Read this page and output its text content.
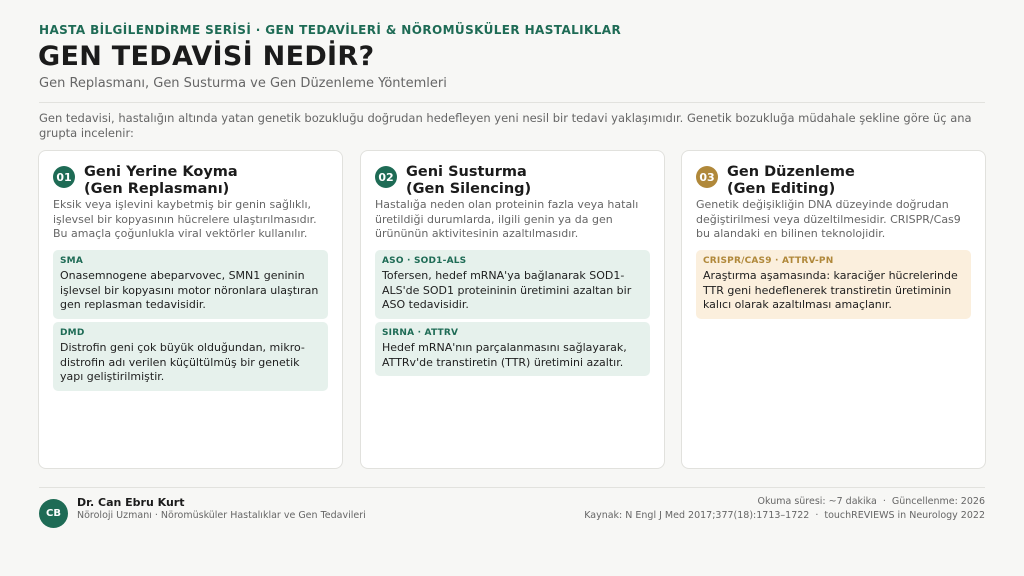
HASTA BİLGİLENDİRME SERİSİ · GEN TEDAVİLERİ & NÖROMÜSKÜLER HASTALIKLAR
GEN TEDAVİSİ NEDİR?
Gen Replasmanı, Gen Susturma ve Gen Düzenleme Yöntemleri

Gen tedavisi, hastalığın altında yatan genetik bozukluğu doğrudan hedefleyen yeni nesil bir tedavi yaklaşımıdır. Genetik bozukluğa müdahale şekline göre üç ana grupta incelenir:

01 Geni Yerine Koyma
(Gen Replasmanı)

Eksik veya işlevini kaybetmiş bir genin sağlıklı, işlevsel bir kopyasının hücrelere ulaştırılmasıdır. Bu amaçla çoğunlukla viral vektörler kullanılır.

SMA
Onasemnogene abeparvovec, SMN1 geninin işlevsel bir kopyasını motor nöronlara ulaştıran gen replasman tedavisidir.
DMD
Distrofin geni çok büyük olduğundan, mikro-distrofin adı verilen küçültülmüş bir genetik yapı geliştirilmiştir.
02 Geni Susturma
(Gen Silencing)

Hastalığa neden olan proteinin fazla veya hatalı üretildiği durumlarda, ilgili genin ya da gen ürününün aktivitesinin azaltılmasıdır.

ASO · SOD1-ALS
Tofersen, hedef mRNA'ya bağlanarak SOD1-ALS'de SOD1 proteininin üretimini azaltan bir ASO tedavisidir.
SIRNA · ATTRV
Hedef mRNA'nın parçalanmasını sağlayarak, ATTRv'de transtiretin (TTR) üretimini azaltır.
03 Gen Düzenleme
(Gen Editing)

Genetik değişikliğin DNA düzeyinde doğrudan değiştirilmesi veya düzeltilmesidir. CRISPR/Cas9 bu alandaki en bilinen teknolojidir.

CRISPR/CAS9 · ATTRV-PN
Araştırma aşamasında: karaciğer hücrelerinde TTR geni hedeflenerek transtiretin üretiminin kalıcı olarak azaltılması amaçlanır.
CB
Dr. Can Ebru Kurt
Nöroloji Uzmanı · Nöromüsküler Hastalıklar ve Gen Tedavileri
Okuma süresi: ~7 dakika · Güncellenme: 2026
Kaynak: N Engl J Med 2017;377(18):1713–1722 · touchREVIEWS in Neurology 2022
